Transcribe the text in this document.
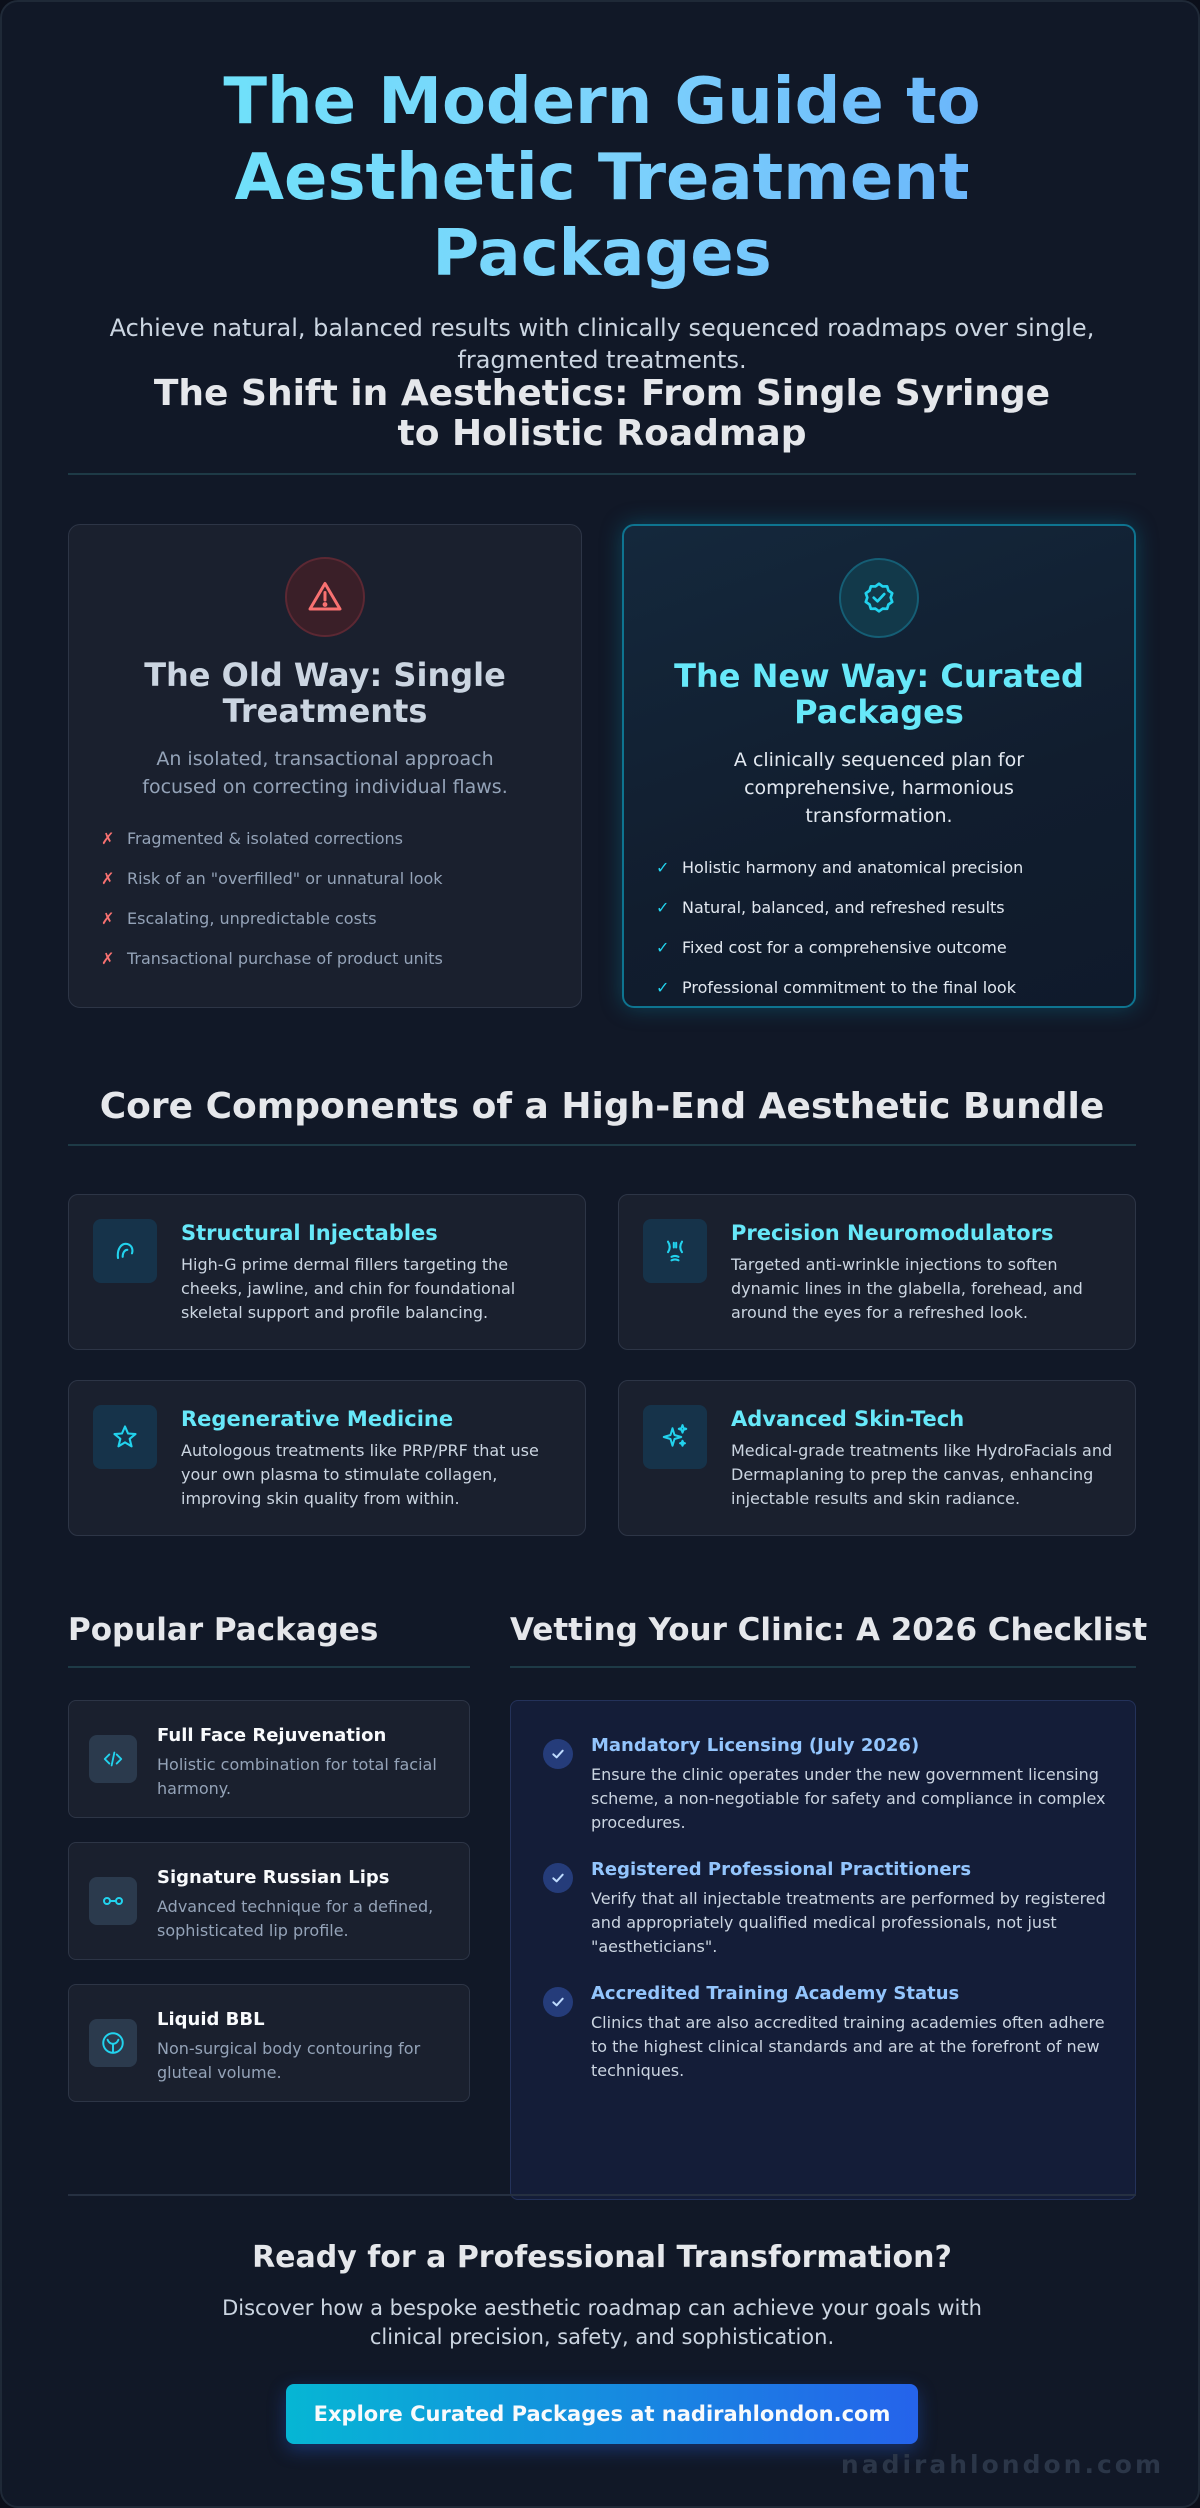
The Modern Guide to Aesthetic Treatment Packages

Achieve natural, balanced results with clinically sequenced roadmaps over single, fragmented treatments.

The Shift in Aesthetics: From Single Syringe to Holistic Roadmap
The Old Way: Single Treatments

An isolated, transactional approach focused on correcting individual flaws.

✗ Fragmented & isolated corrections
✗ Risk of an "overfilled" or unnatural look
✗ Escalating, unpredictable costs
✗ Transactional purchase of product units
The New Way: Curated Packages

A clinically sequenced plan for comprehensive, harmonious transformation.

✓ Holistic harmony and anatomical precision
✓ Natural, balanced, and refreshed results
✓ Fixed cost for a comprehensive outcome
✓ Professional commitment to the final look
Core Components of a High-End Aesthetic Bundle
Structural Injectables
High-G prime dermal fillers targeting the cheeks, jawline, and chin for foundational skeletal support and profile balancing.
Precision Neuromodulators
Targeted anti-wrinkle injections to soften dynamic lines in the glabella, forehead, and around the eyes for a refreshed look.
Regenerative Medicine
Autologous treatments like PRP/PRF that use your own plasma to stimulate collagen, improving skin quality from within.
Advanced Skin-Tech
Medical-grade treatments like HydroFacials and Dermaplaning to prep the canvas, enhancing injectable results and skin radiance.
Popular Packages
Full Face Rejuvenation
Holistic combination for total facial harmony.
Signature Russian Lips
Advanced technique for a defined, sophisticated lip profile.
Liquid BBL
Non-surgical body contouring for gluteal volume.
Vetting Your Clinic: A 2026 Checklist
Mandatory Licensing (July 2026)
Ensure the clinic operates under the new government licensing scheme, a non-negotiable for safety and compliance in complex procedures.
Registered Professional Practitioners
Verify that all injectable treatments are performed by registered and appropriately qualified medical professionals, not just "aestheticians".
Accredited Training Academy Status
Clinics that are also accredited training academies often adhere to the highest clinical standards and are at the forefront of new techniques.
Ready for a Professional Transformation?

Discover how a bespoke aesthetic roadmap can achieve your goals with clinical precision, safety, and sophistication.

Explore Curated Packages at nadirahlondon.com
nadirahlondon.com
